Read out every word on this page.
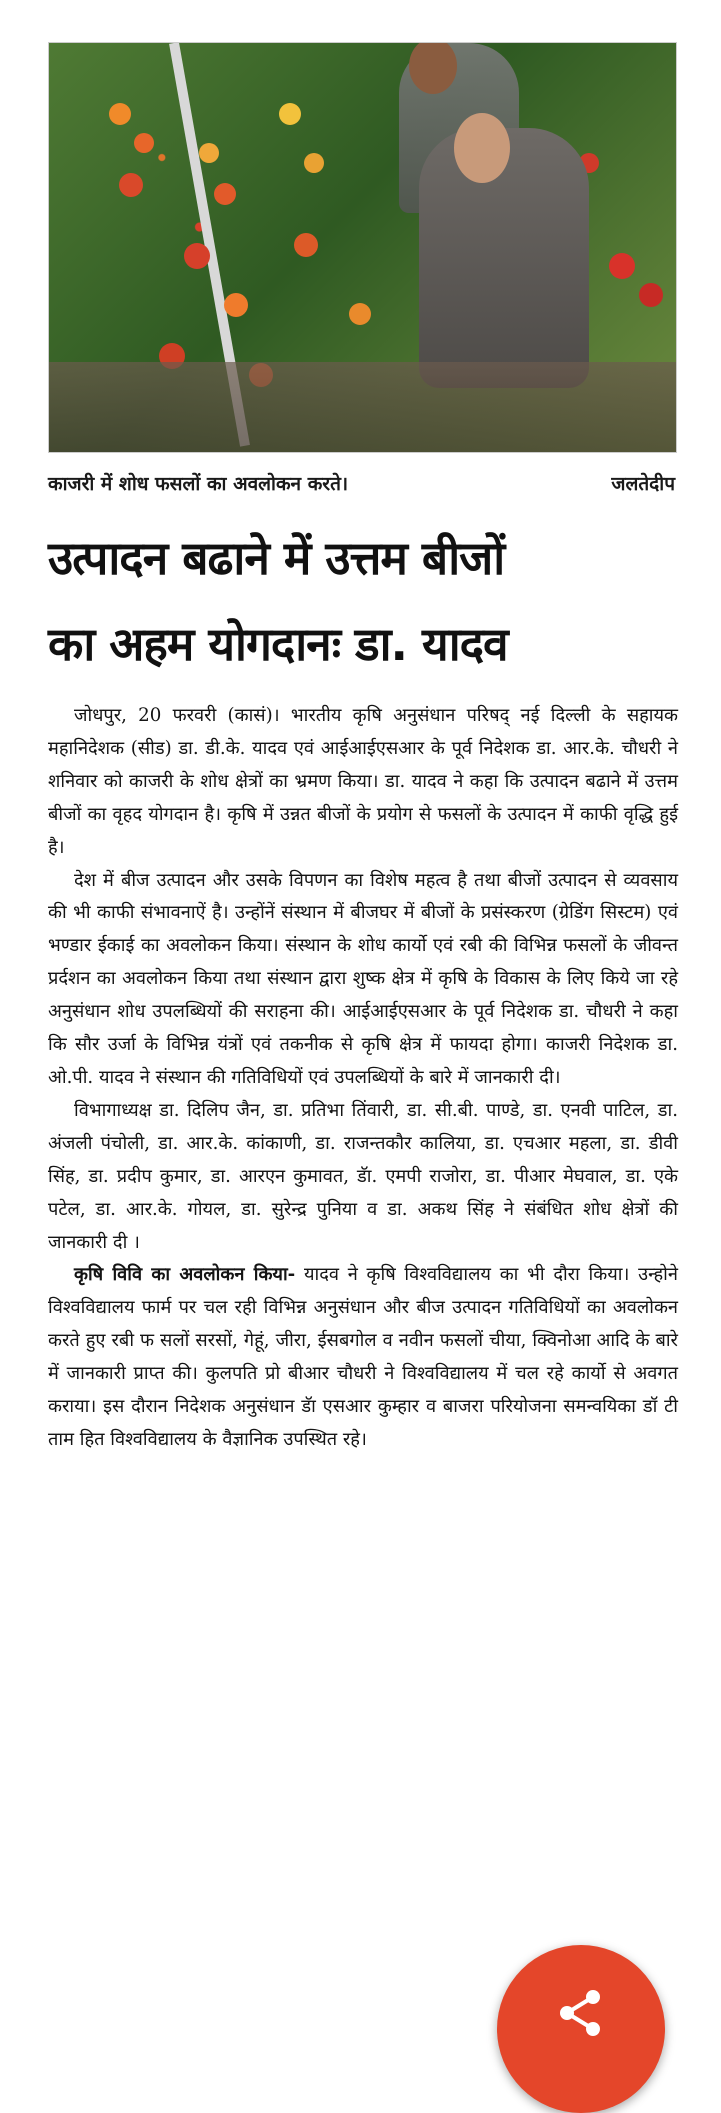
काजरी में शोध फसलों का अवलोकन करते।	जलतेदीप
उत्पादन बढाने में उत्तम बीजों
का अहम योगदानः डा. यादव

जोधपुर, 20 फरवरी (कासं)। भारतीय कृषि अनुसंधान परिषद् नई दिल्ली के सहायक महानिदेशक (सीड) डा. डी.के. यादव एवं आईआईएसआर के पूर्व निदेशक डा. आर.के. चौधरी ने शनिवार को काजरी के शोध क्षेत्रों का भ्रमण किया। डा. यादव ने कहा कि उत्पादन बढाने में उत्तम बीजों का वृहद योगदान है। कृषि में उन्नत बीजों के प्रयोग से फसलों के उत्पादन में काफी वृद्धि हुई है।

देश में बीज उत्पादन और उसके विपणन का विशेष महत्व है तथा बीजों उत्पादन से व्यवसाय की भी काफी संभावनाऐं है। उन्होंनें संस्थान में बीजघर में बीजों के प्रसंस्करण (ग्रेडिंग सिस्टम) एवं भण्डार ईकाई का अवलोकन किया। संस्थान के शोध कार्यो एवं रबी की विभिन्न फसलों के जीवन्त प्रर्दशन का अवलोकन किया तथा संस्थान द्वारा शुष्क क्षेत्र में कृषि के विकास के लिए किये जा रहे अनुसंधान शोध उपलब्धियों की सराहना की। आईआईएसआर के पूर्व निदेशक डा. चौधरी ने कहा कि सौर उर्जा के विभिन्न यंत्रों एवं तकनीक से कृषि क्षेत्र में फायदा होगा। काजरी निदेशक डा. ओ.पी. यादव ने संस्थान की गतिविधियों एवं उपलब्धियों के बारे में जानकारी दी।

विभागाध्यक्ष डा. दिलिप जैन, डा. प्रतिभा तिंवारी, डा. सी.बी. पाण्डे, डा. एनवी पाटिल, डा. अंजली पंचोली, डा. आर.के. कांकाणी, डा. राजन्तकौर कालिया, डा. एचआर महला, डा. डीवी सिंह, डा. प्रदीप कुमार, डा. आरएन कुमावत, डॅा. एमपी राजोरा, डा. पीआर मेघवाल, डा. एके पटेल, डा. आर.के. गोयल, डा. सुरेन्द्र पुनिया व डा. अकथ सिंह ने संबंधित शोध क्षेत्रों की जानकारी दी ।

कृषि विवि का अवलोकन किया- यादव ने कृषि विश्वविद्यालय का भी दौरा किया। उन्होने विश्वविद्यालय फार्म पर चल रही विभिन्न अनुसंधान और बीज उत्पादन गतिविधियों का अवलोकन करते हुए रबी फ सलों सरसों, गेहूं, जीरा, ईसबगोल व नवीन फसलों चीया, क्विनोआ आदि के बारे में जानकारी प्राप्त की। कुलपति प्रो बीआर चौधरी ने विश्वविद्यालय में चल रहे कार्यो से अवगत कराया। इस दौरान निदेशक अनुसंधान डॅा एसआर कुम्हार व बाजरा परियोजना समन्वयिका डॉ टी ताम हित विश्वविद्यालय के वैज्ञानिक उपस्थित रहे।
